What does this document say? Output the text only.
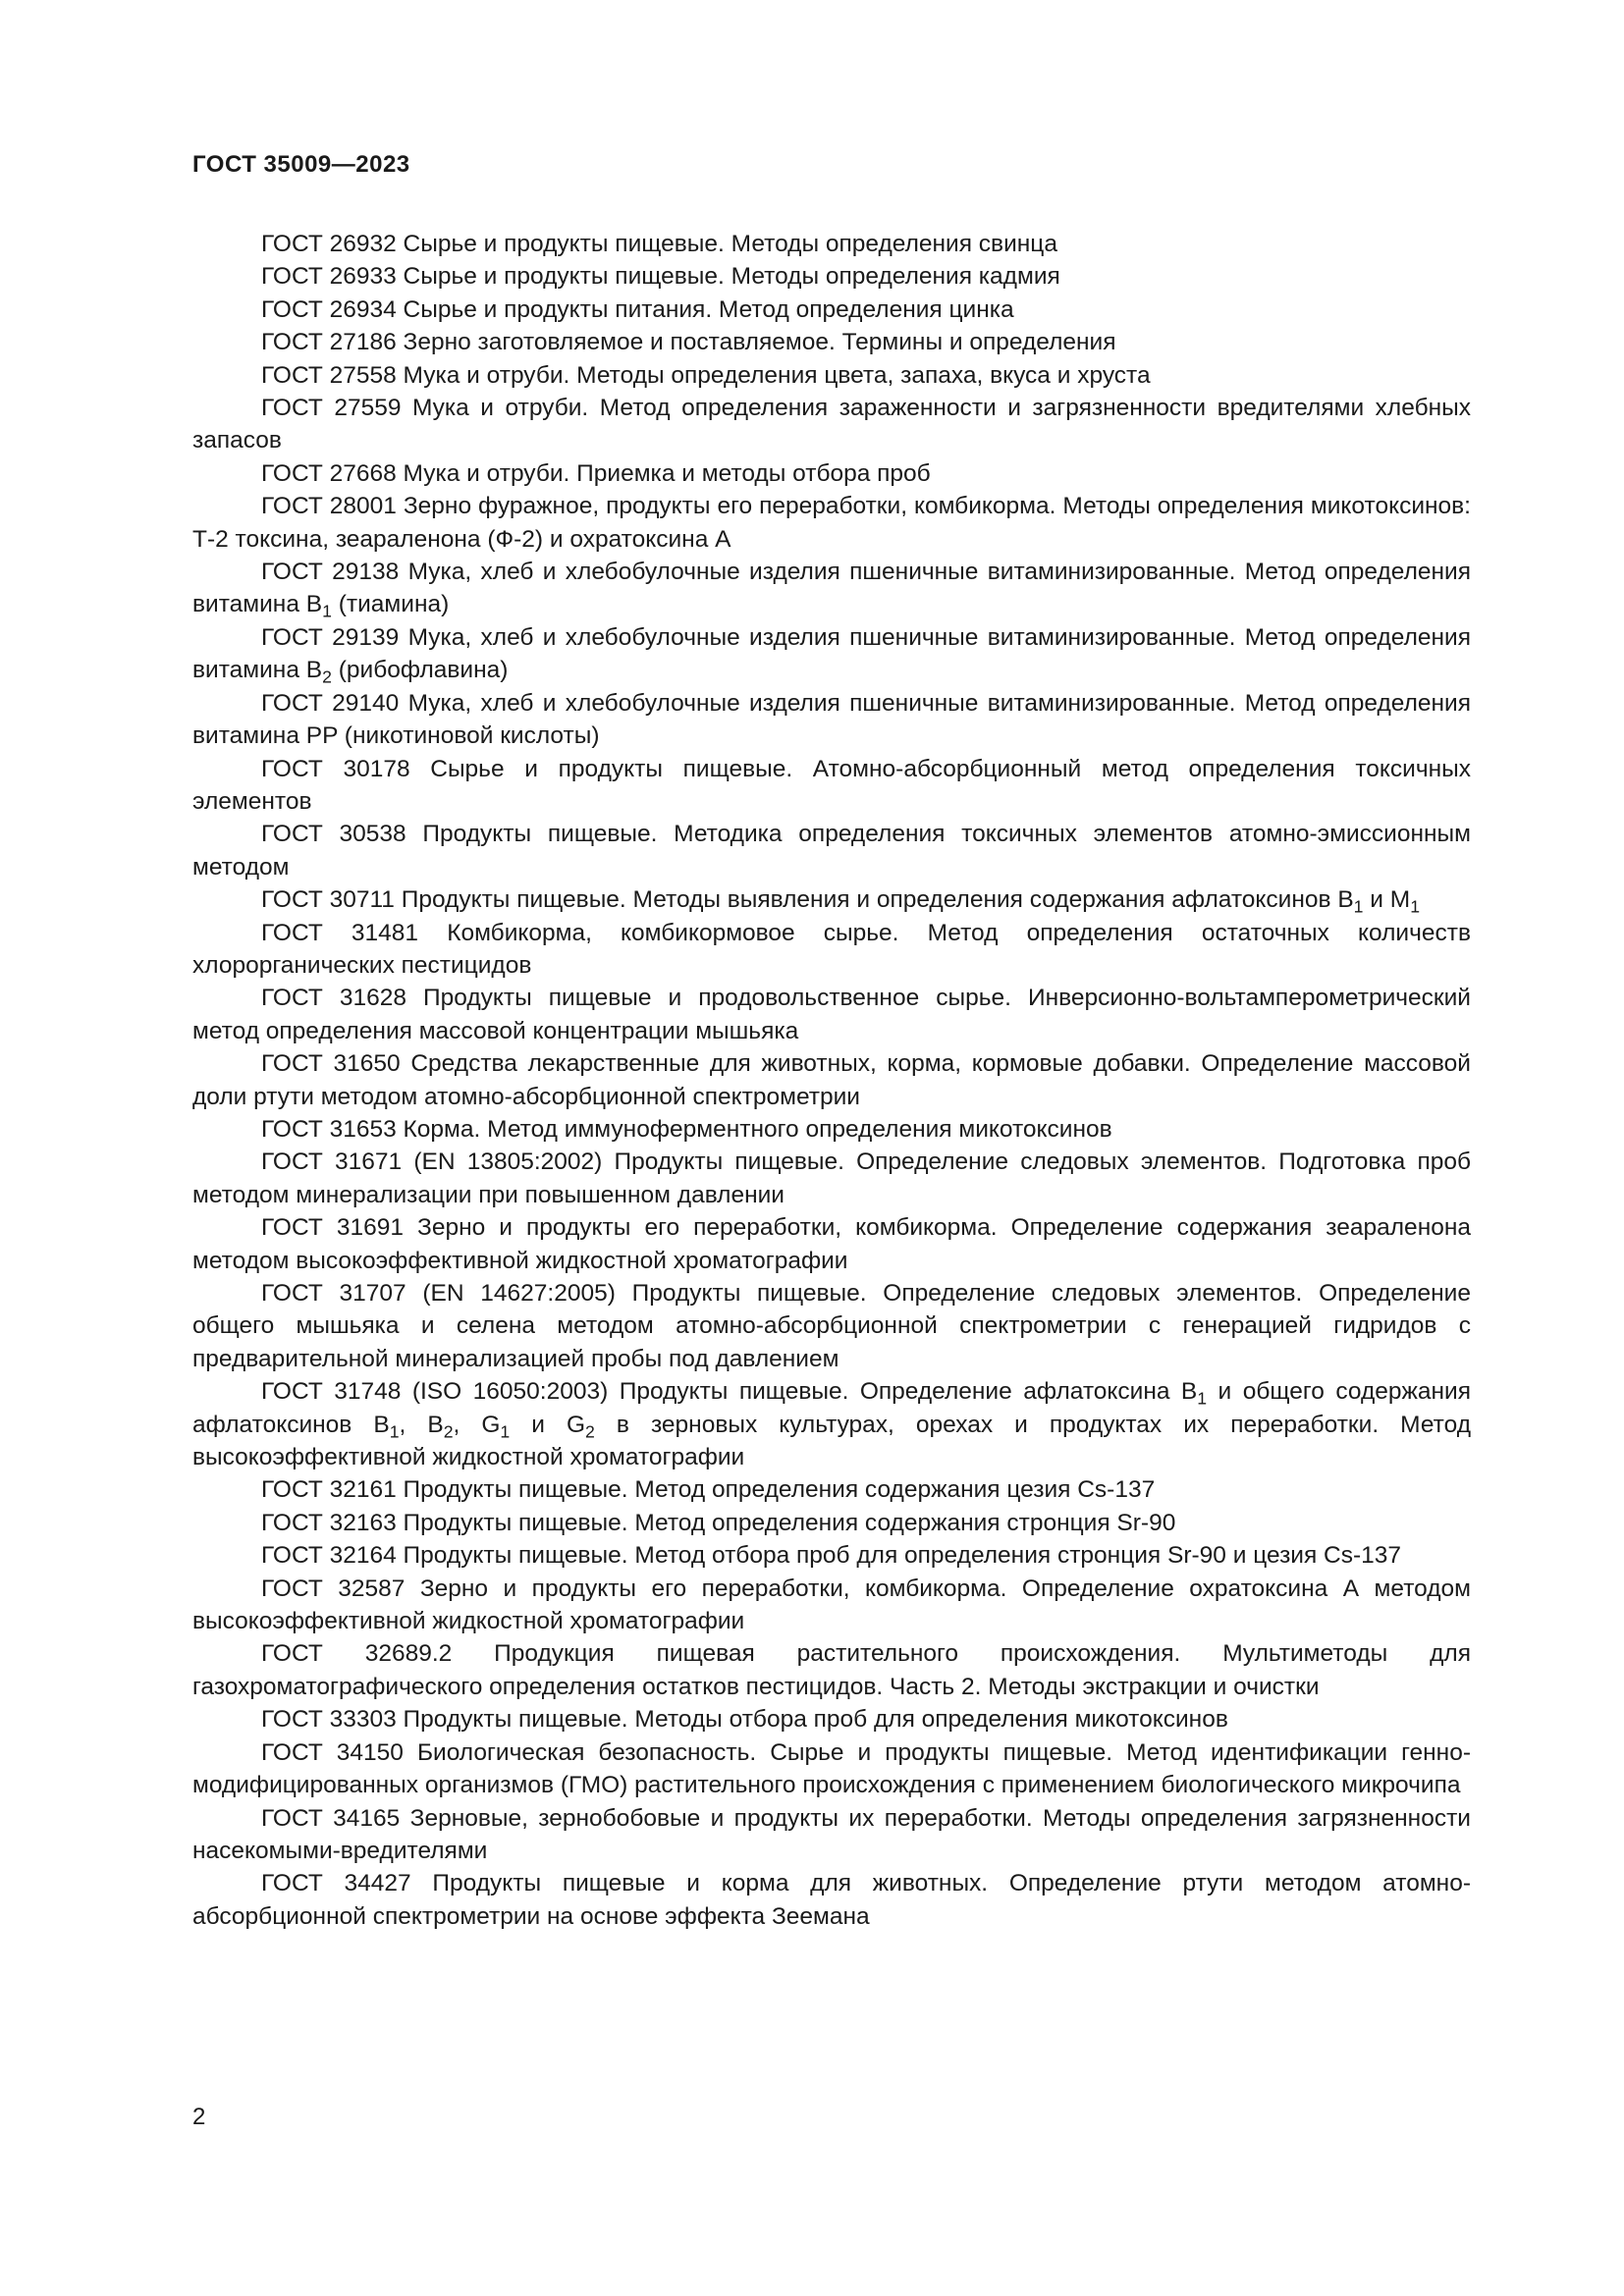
ГОСТ 35009—2023

ГОСТ 26932 Сырье и продукты пищевые. Методы определения свинца

ГОСТ 26933 Сырье и продукты пищевые. Методы определения кадмия

ГОСТ 26934 Сырье и продукты питания. Метод определения цинка

ГОСТ 27186 Зерно заготовляемое и поставляемое. Термины и определения

ГОСТ 27558 Мука и отруби. Методы определения цвета, запаха, вкуса и хруста

ГОСТ 27559 Мука и отруби. Метод определения зараженности и загрязненности вредителями хлебных запасов

ГОСТ 27668 Мука и отруби. Приемка и методы отбора проб

ГОСТ 28001 Зерно фуражное, продукты его переработки, комбикорма. Методы определения микотоксинов: Т-2 токсина, зеараленона (Ф-2) и охратоксина А

ГОСТ 29138 Мука, хлеб и хлебобулочные изделия пшеничные витаминизированные. Метод определения витамина $B_1$ (тиамина)

ГОСТ 29139 Мука, хлеб и хлебобулочные изделия пшеничные витаминизированные. Метод определения витамина $B_2$ (рибофлавина)

ГОСТ 29140 Мука, хлеб и хлебобулочные изделия пшеничные витаминизированные. Метод определения витамина PP (никотиновой кислоты)

ГОСТ 30178 Сырье и продукты пищевые. Атомно-абсорбционный метод определения токсичных элементов

ГОСТ 30538 Продукты пищевые. Методика определения токсичных элементов атомно-эмиссионным методом

ГОСТ 30711 Продукты пищевые. Методы выявления и определения содержания афлатоксинов $B_1$ и $M_1$

ГОСТ 31481 Комбикорма, комбикормовое сырье. Метод определения остаточных количеств хлорорганических пестицидов

ГОСТ 31628 Продукты пищевые и продовольственное сырье. Инверсионно-вольтамперометрический метод определения массовой концентрации мышьяка

ГОСТ 31650 Средства лекарственные для животных, корма, кормовые добавки. Определение массовой доли ртути методом атомно-абсорбционной спектрометрии

ГОСТ 31653 Корма. Метод иммуноферментного определения микотоксинов

ГОСТ 31671 (EN 13805:2002) Продукты пищевые. Определение следовых элементов. Подготовка проб методом минерализации при повышенном давлении

ГОСТ 31691 Зерно и продукты его переработки, комбикорма. Определение содержания зеараленона методом высокоэффективной жидкостной хроматографии

ГОСТ 31707 (EN 14627:2005) Продукты пищевые. Определение следовых элементов. Определение общего мышьяка и селена методом атомно-абсорбционной спектрометрии с генерацией гидридов с предварительной минерализацией пробы под давлением

ГОСТ 31748 (ISO 16050:2003) Продукты пищевые. Определение афлатоксина $B_1$ и общего содержания афлатоксинов $B_1$, $B_2$, $G_1$ и $G_2$ в зерновых культурах, орехах и продуктах их переработки. Метод высокоэффективной жидкостной хроматографии

ГОСТ 32161 Продукты пищевые. Метод определения содержания цезия Cs-137

ГОСТ 32163 Продукты пищевые. Метод определения содержания стронция Sr-90

ГОСТ 32164 Продукты пищевые. Метод отбора проб для определения стронция Sr-90 и цезия Cs-137

ГОСТ 32587 Зерно и продукты его переработки, комбикорма. Определение охратоксина А методом высокоэффективной жидкостной хроматографии

ГОСТ 32689.2 Продукция пищевая растительного происхождения. Мультиметоды для газохроматографического определения остатков пестицидов. Часть 2. Методы экстракции и очистки

ГОСТ 33303 Продукты пищевые. Методы отбора проб для определения микотоксинов

ГОСТ 34150 Биологическая безопасность. Сырье и продукты пищевые. Метод идентификации генно-модифицированных организмов (ГМО) растительного происхождения с применением биологического микрочипа

ГОСТ 34165 Зерновые, зернобобовые и продукты их переработки. Методы определения загрязненности насекомыми-вредителями

ГОСТ 34427 Продукты пищевые и корма для животных. Определение ртути методом атомно-абсорбционной спектрометрии на основе эффекта Зеемана

2
